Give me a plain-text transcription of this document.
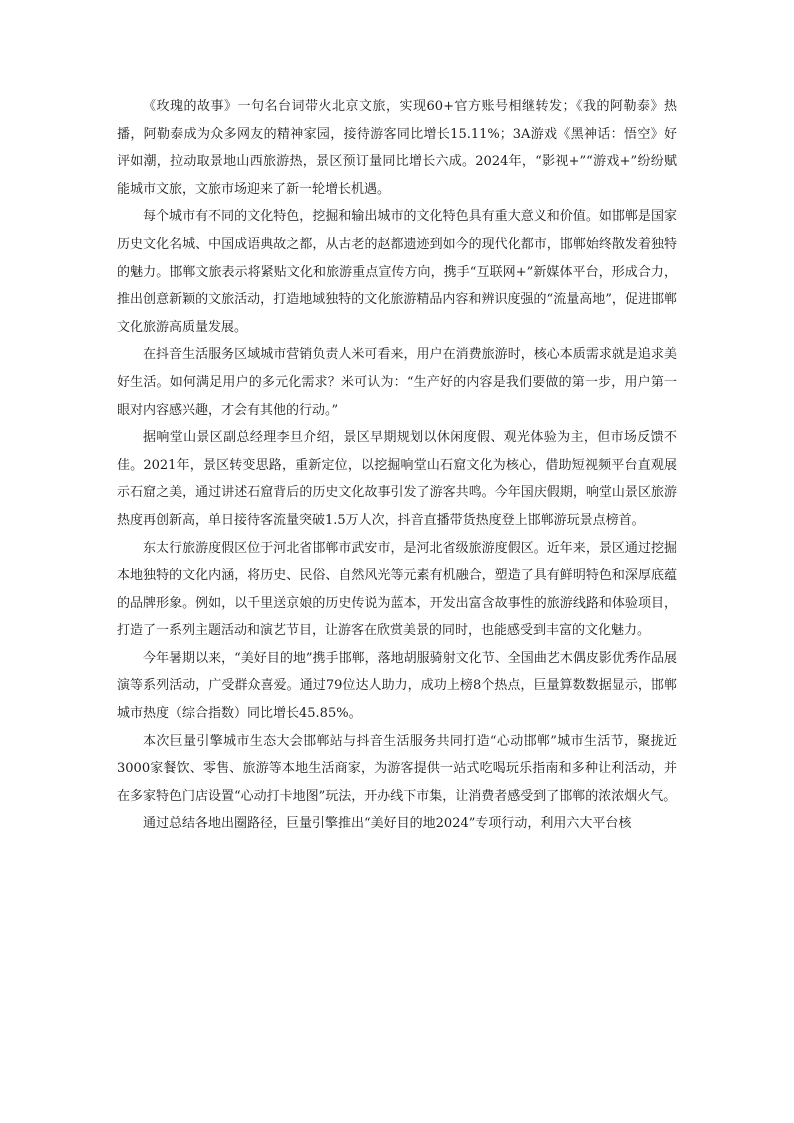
《玫瑰的故事》一句名台词带火北京文旅，实现60+官方账号相继转发；《我的阿勒泰》热播，阿勒泰成为众多网友的精神家园，接待游客同比增长15.11%；3A游戏《黑神话：悟空》好评如潮，拉动取景地山西旅游热，景区预订量同比增长六成。2024年，“影视+”“游戏+”纷纷赋能城市文旅，文旅市场迎来了新一轮增长机遇。

每个城市有不同的文化特色，挖掘和输出城市的文化特色具有重大意义和价值。如邯郸是国家历史文化名城、中国成语典故之都，从古老的赵都遗迹到如今的现代化都市，邯郸始终散发着独特的魅力。邯郸文旅表示将紧贴文化和旅游重点宣传方向，携手“互联网+”新媒体平台，形成合力，推出创意新颖的文旅活动，打造地域独特的文化旅游精品内容和辨识度强的“流量高地”，促进邯郸文化旅游高质量发展。

在抖音生活服务区域城市营销负责人米可看来，用户在消费旅游时，核心本质需求就是追求美好生活。如何满足用户的多元化需求？米可认为：“生产好的内容是我们要做的第一步，用户第一眼对内容感兴趣，才会有其他的行动。”

据响堂山景区副总经理李旦介绍，景区早期规划以休闲度假、观光体验为主，但市场反馈不佳。2021年，景区转变思路，重新定位，以挖掘响堂山石窟文化为核心，借助短视频平台直观展示石窟之美，通过讲述石窟背后的历史文化故事引发了游客共鸣。今年国庆假期，响堂山景区旅游热度再创新高，单日接待客流量突破1.5万人次，抖音直播带货热度登上邯郸游玩景点榜首。

东太行旅游度假区位于河北省邯郸市武安市，是河北省级旅游度假区。近年来，景区通过挖掘本地独特的文化内涵，将历史、民俗、自然风光等元素有机融合，塑造了具有鲜明特色和深厚底蕴的品牌形象。例如，以千里送京娘的历史传说为蓝本，开发出富含故事性的旅游线路和体验项目，打造了一系列主题活动和演艺节目，让游客在欣赏美景的同时，也能感受到丰富的文化魅力。

今年暑期以来，“美好目的地”携手邯郸，落地胡服骑射文化节、全国曲艺木偶皮影优秀作品展演等系列活动，广受群众喜爱。通过79位达人助力，成功上榜8个热点，巨量算数数据显示，邯郸城市热度（综合指数）同比增长45.85%。

本次巨量引擎城市生态大会邯郸站与抖音生活服务共同打造“心动邯郸”城市生活节，聚拢近3000家餐饮、零售、旅游等本地生活商家，为游客提供一站式吃喝玩乐指南和多种让利活动，并在多家特色门店设置“心动打卡地图”玩法，开办线下市集，让消费者感受到了邯郸的浓浓烟火气。

通过总结各地出圈路径，巨量引擎推出“美好目的地2024”专项行动，利用六大平台核
